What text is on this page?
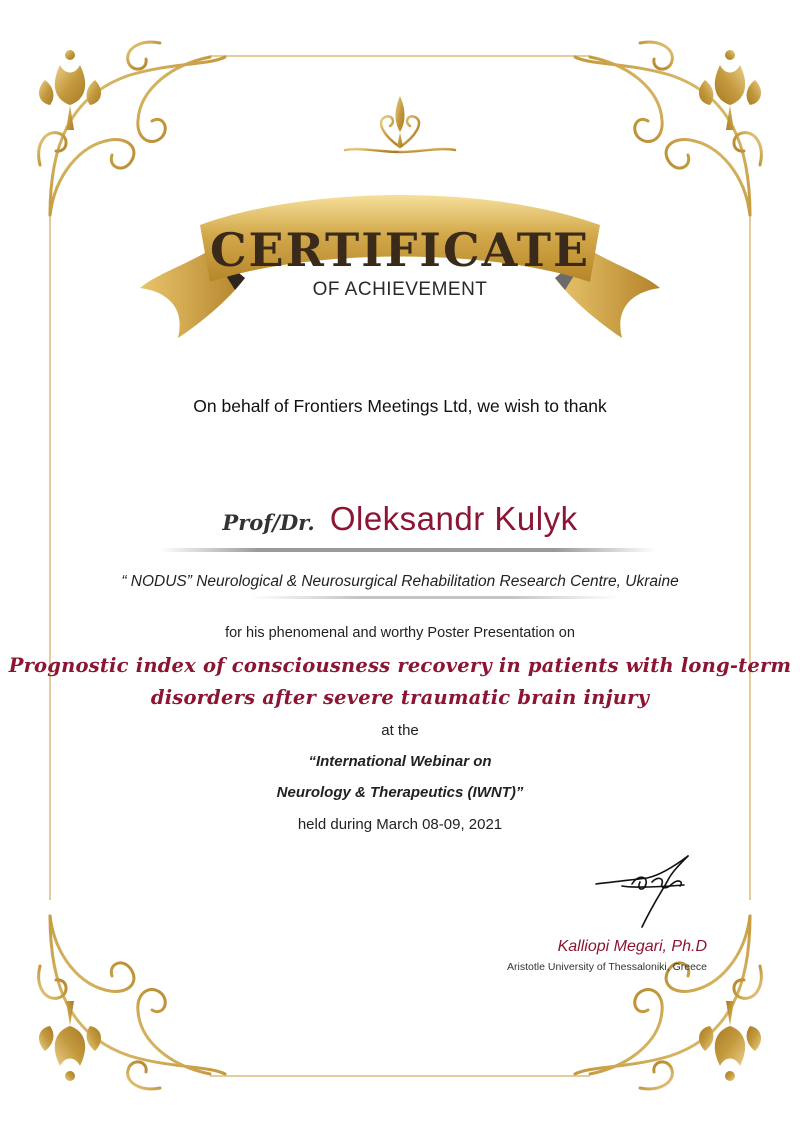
CERTIFICATE
OF ACHIEVEMENT
On behalf of Frontiers Meetings Ltd, we wish to thank
Prof/Dr. Oleksandr Kulyk
“ NODUS” Neurological & Neurosurgical Rehabilitation Research Centre, Ukraine
for his phenomenal and worthy Poster Presentation on
Prognostic index of consciousness recovery in patients with long-term
disorders after severe traumatic brain injury
at the
“International Webinar on
Neurology & Therapeutics (IWNT)”
held during March 08-09, 2021
Kalliopi Megari, Ph.D
Aristotle University of Thessaloniki, Greece
